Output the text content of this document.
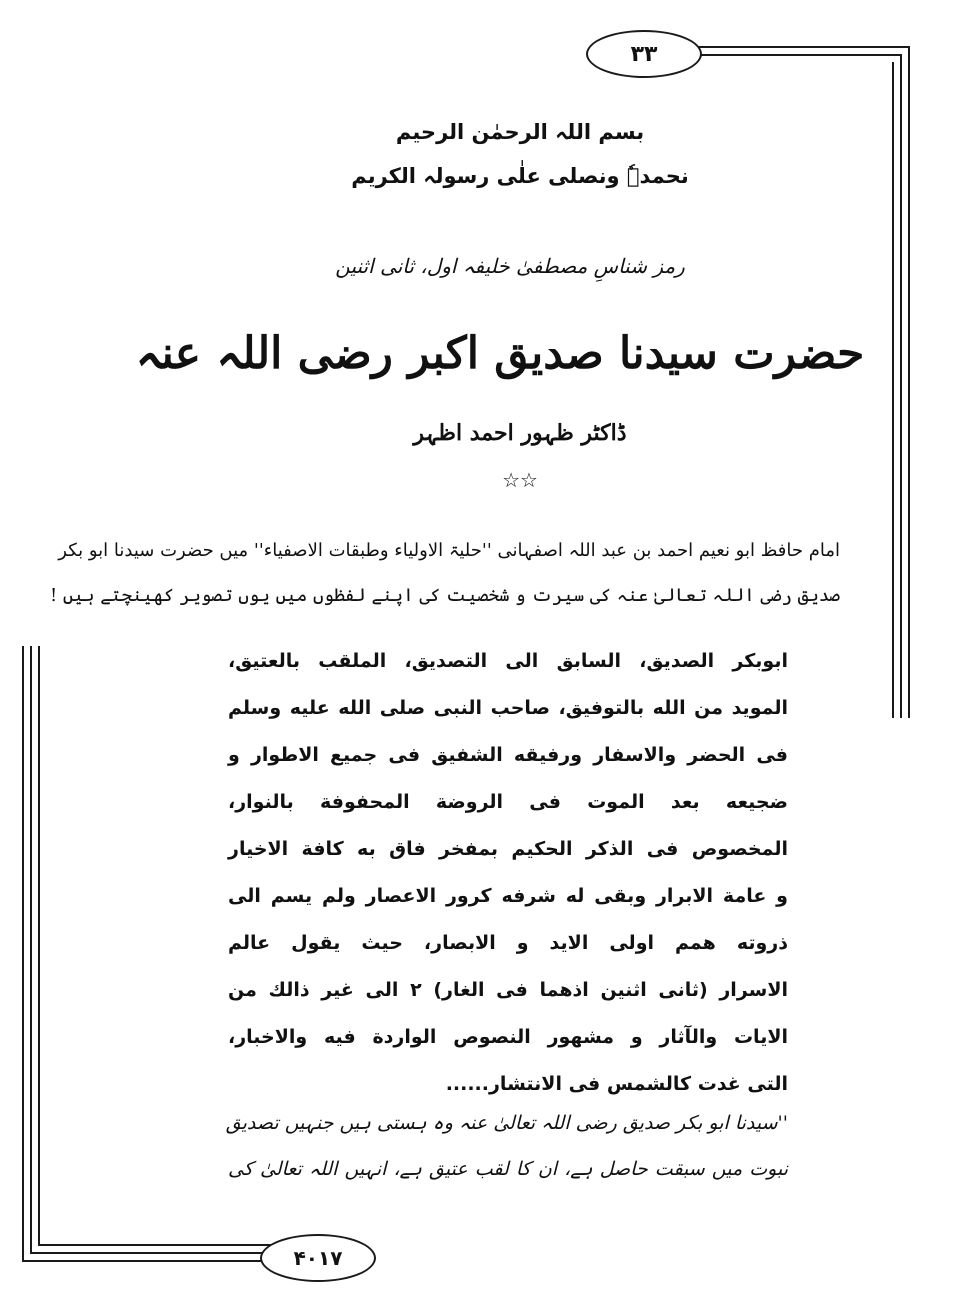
۳۳
۴۰۱۷
بسم اللہ الرحمٰن الرحیم
نحمدہٗ ونصلی علٰی رسولہ الکریم
رمز شناسِ مصطفیٰ خلیفہ اول، ثانی اثنین
حضرت سیدنا صدیق اکبر رضی اللہ عنہ
ڈاکٹر ظہور احمد اظہر
☆☆
امام حافظ ابو نعیم احمد بن عبد اللہ اصفہانی ''حلیۃ الاولیاء وطبقات الاصفیاء'' میں حضرت سیدنا ابو بکر
صدیق رضی اللہ تعالیٰ عنہ کی سیرت و شخصیت کی اپنے لفظوں میں یوں تصویر کھینچتے ہیں !
ابوبكر الصديق، السابق الى التصديق، الملقب بالعتيق،
المويد من الله بالتوفيق، صاحب النبى صلى الله عليه وسلم
فى الحضر والاسفار ورفيقه الشفيق فى جميع الاطوار و
ضجيعه بعد الموت فى الروضة المحفوفة بالنوار،
المخصوص فى الذكر الحكيم بمفخر فاق به كافة الاخيار
و عامة الابرار وبقى له شرفه كرور الاعصار ولم يسم الى
ذروته همم اولى الايد و الابصار، حيث يقول عالم
الاسرار (ثانى اثنين اذهما فى الغار) ٢ الى غير ذالك من
الايات والآثار و مشهور النصوص الواردة فيه والاخبار،
التى غدت كالشمس فى الانتشار......
''سیدنا ابو بکر صدیق رضی اللہ تعالیٰ عنہ وہ ہستی ہیں جنہیں تصدیق
نبوت میں سبقت حاصل ہے، ان کا لقب عتیق ہے، انہیں اللہ تعالیٰ کی
